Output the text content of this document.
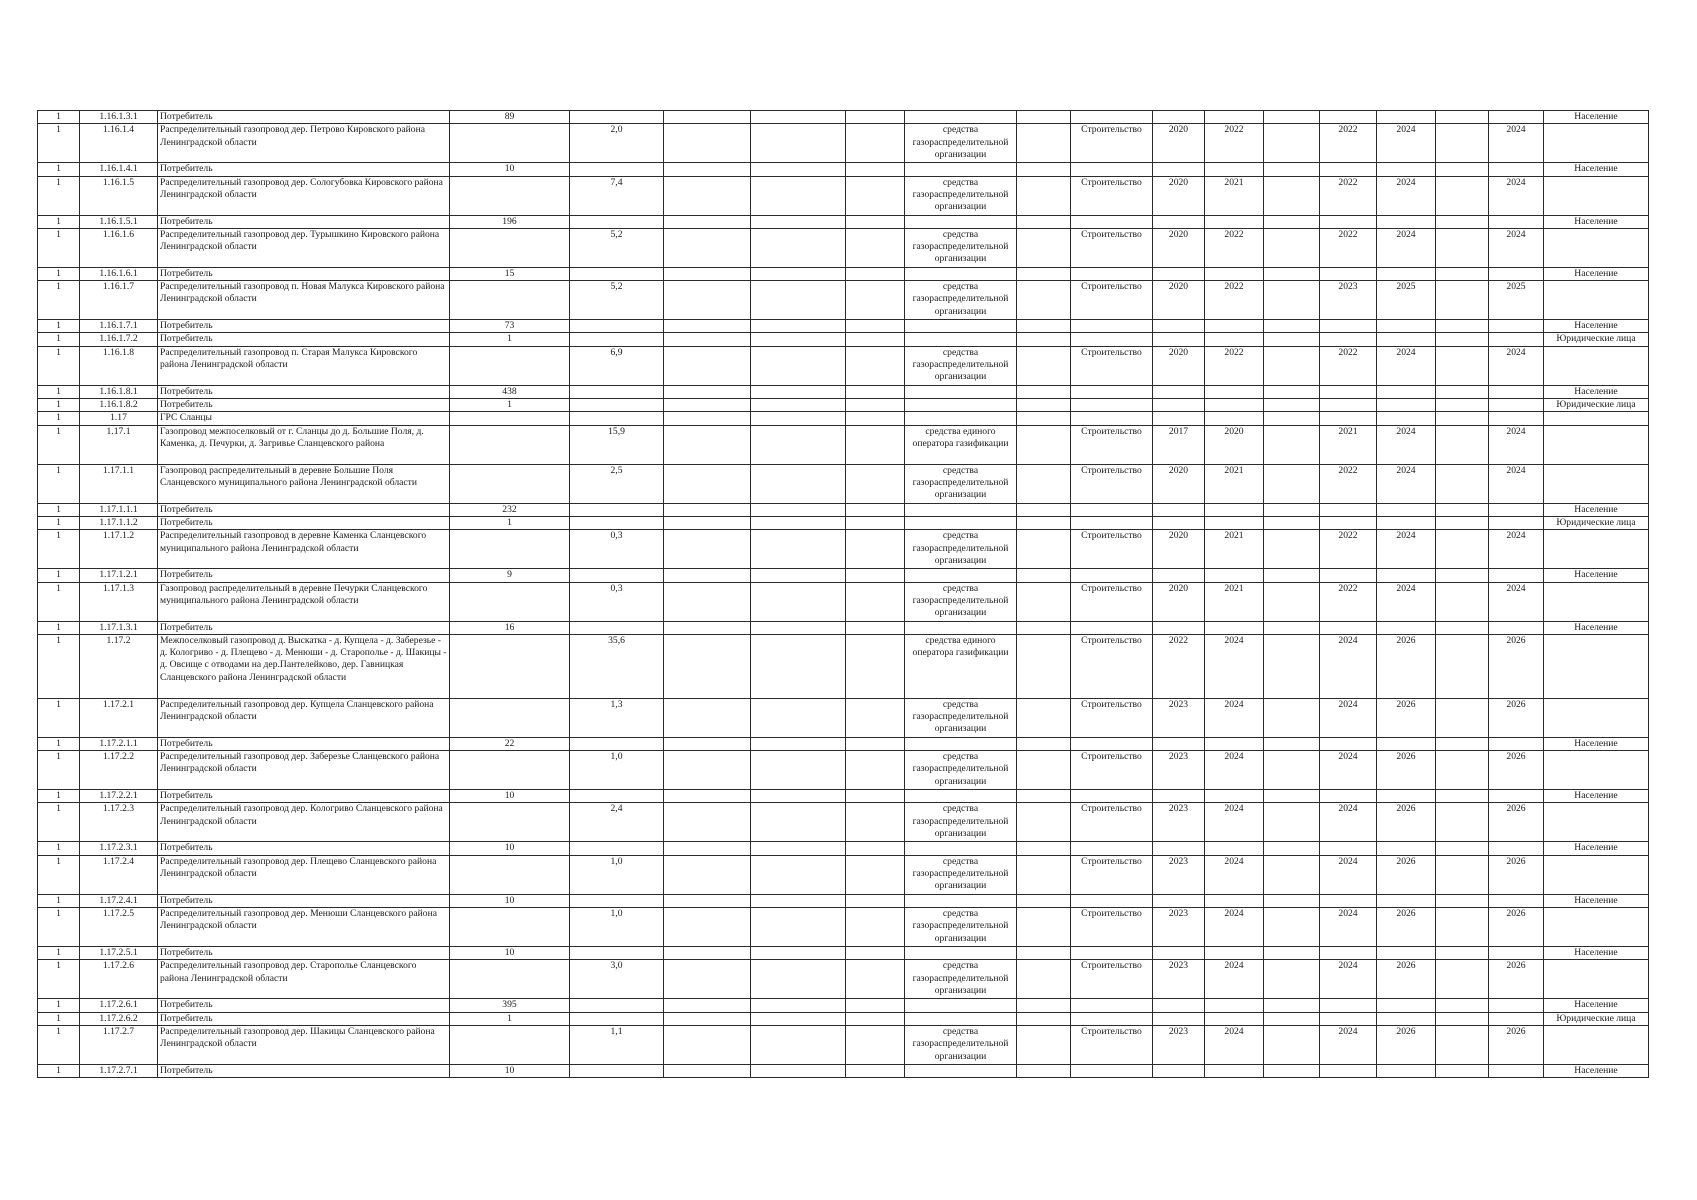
1	1.16.1.3.1	Потребитель	89															Население
1	1.16.1.4	Распределительный газопровод дер. Петрово Кировского района Ленинградской области		2,0				средства газораспределительной организации		Строительство	2020	2022		2022	2024		2024	
1	1.16.1.4.1	Потребитель	10															Население
1	1.16.1.5	Распределительный газопровод дер. Сологубовка Кировского района Ленинградской области		7,4				средства газораспределительной организации		Строительство	2020	2021		2022	2024		2024	
1	1.16.1.5.1	Потребитель	196															Население
1	1.16.1.6	Распределительный газопровод дер. Турышкино Кировского района Ленинградской области		5,2				средства газораспределительной организации		Строительство	2020	2022		2022	2024		2024	
1	1.16.1.6.1	Потребитель	15															Население
1	1.16.1.7	Распределительный газопровод п. Новая Малукса Кировского района Ленинградской области		5,2				средства газораспределительной организации		Строительство	2020	2022		2023	2025		2025	
1	1.16.1.7.1	Потребитель	73															Население
1	1.16.1.7.2	Потребитель	1															Юридические лица
1	1.16.1.8	Распределительный газопровод п. Старая Малукса Кировского района Ленинградской области		6,9				средства газораспределительной организации		Строительство	2020	2022		2022	2024		2024	
1	1.16.1.8.1	Потребитель	438															Население
1	1.16.1.8.2	Потребитель	1															Юридические лица
1	1.17	ГРС Сланцы																
1	1.17.1	Газопровод межпоселковый от г. Сланцы до д. Большие Поля, д. Каменка, д. Печурки, д. Загривье Сланцевского района		15,9				средства единого оператора газификации		Строительство	2017	2020		2021	2024		2024	
1	1.17.1.1	Газопровод распределительный в деревне Большие Поля Сланцевского муниципального района Ленинградской области		2,5				средства газораспределительной организации		Строительство	2020	2021		2022	2024		2024	
1	1.17.1.1.1	Потребитель	232															Население
1	1.17.1.1.2	Потребитель	1															Юридические лица
1	1.17.1.2	Распределительный газопровод в деревне Каменка Сланцевского муниципального района Ленинградской области		0,3				средства газораспределительной организации		Строительство	2020	2021		2022	2024		2024	
1	1.17.1.2.1	Потребитель	9															Население
1	1.17.1.3	Газопровод распределительный в деревне Печурки Сланцевского муниципального района Ленинградской области		0,3				средства газораспределительной организации		Строительство	2020	2021		2022	2024		2024	
1	1.17.1.3.1	Потребитель	16															Население
1	1.17.2	Межпоселковый газопровод д. Выскатка - д. Купцела - д. Заберезье - д. Кологриво - д. Плещево - д. Менюши - д. Старополье - д. Шакицы - д. Овсище с отводами на дер.Пантелейково, дер. Гавницкая Сланцевского района Ленинградской области		35,6				средства единого оператора газификации		Строительство	2022	2024		2024	2026		2026	
1	1.17.2.1	Распределительный газопровод дер. Купцела Сланцевского района Ленинградской области		1,3				средства газораспределительной организации		Строительство	2023	2024		2024	2026		2026	
1	1.17.2.1.1	Потребитель	22															Население
1	1.17.2.2	Распределительный газопровод дер. Заберезье Сланцевского района Ленинградской области		1,0				средства газораспределительной организации		Строительство	2023	2024		2024	2026		2026	
1	1.17.2.2.1	Потребитель	10															Население
1	1.17.2.3	Распределительный газопровод дер. Кологриво Сланцевского района Ленинградской области		2,4				средства газораспределительной организации		Строительство	2023	2024		2024	2026		2026	
1	1.17.2.3.1	Потребитель	10															Население
1	1.17.2.4	Распределительный газопровод дер. Плещево Сланцевского района Ленинградской области		1,0				средства газораспределительной организации		Строительство	2023	2024		2024	2026		2026	
1	1.17.2.4.1	Потребитель	10															Население
1	1.17.2.5	Распределительный газопровод дер. Менюши Сланцевского района Ленинградской области		1,0				средства газораспределительной организации		Строительство	2023	2024		2024	2026		2026	
1	1.17.2.5.1	Потребитель	10															Население
1	1.17.2.6	Распределительный газопровод дер. Старополье Сланцевского района Ленинградской области		3,0				средства газораспределительной организации		Строительство	2023	2024		2024	2026		2026	
1	1.17.2.6.1	Потребитель	395															Население
1	1.17.2.6.2	Потребитель	1															Юридические лица
1	1.17.2.7	Распределительный газопровод дер. Шакицы Сланцевского района Ленинградской области		1,1				средства газораспределительной организации		Строительство	2023	2024		2024	2026		2026	
1	1.17.2.7.1	Потребитель	10															Население
